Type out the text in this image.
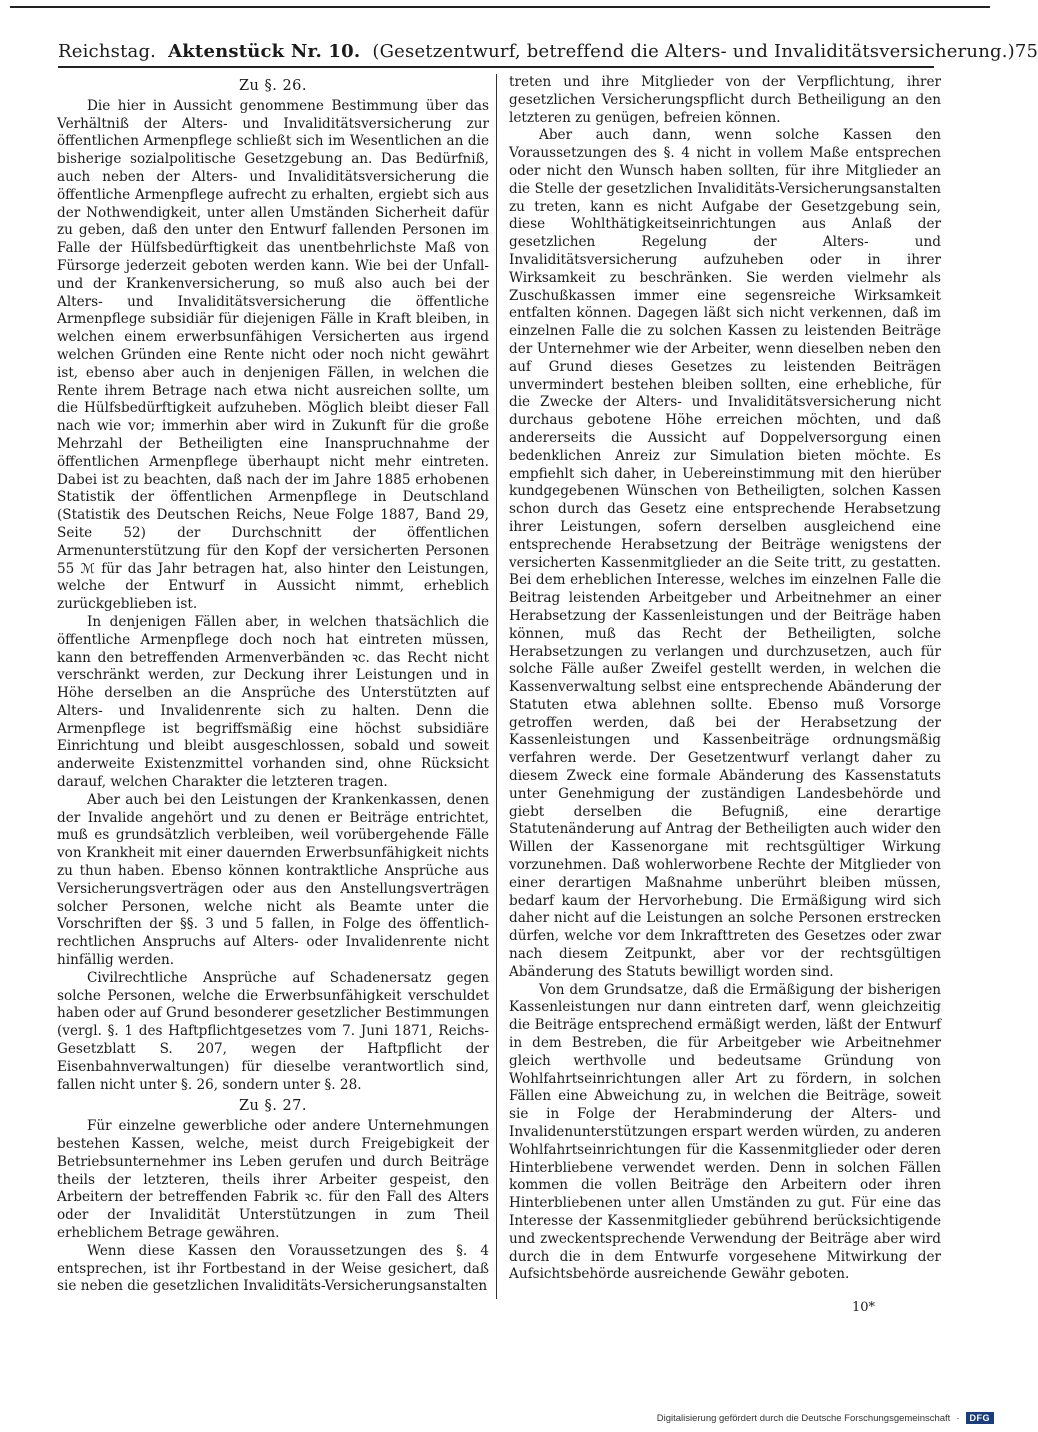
Reichstag. Aktenstück Nr. 10. (Gesetzentwurf, betreffend die Alters- und Invaliditätsversicherung.) 75
Zu §. 26.

Die hier in Aussicht genommene Bestimmung über das Verhältniß der Alters- und Invaliditätsversicherung zur öffentlichen Armenpflege schließt sich im Wesentlichen an die bisherige sozialpolitische Gesetzgebung an. Das Bedürfniß, auch neben der Alters- und Invaliditätsversicherung die öffentliche Armenpflege aufrecht zu erhalten, ergiebt sich aus der Nothwendigkeit, unter allen Umständen Sicherheit dafür zu geben, daß den unter den Entwurf fallenden Personen im Falle der Hülfsbedürftigkeit das unentbehrlichste Maß von Fürsorge jederzeit geboten werden kann. Wie bei der Unfall- und der Krankenversicherung, so muß also auch bei der Alters- und Invaliditätsversicherung die öffentliche Armenpflege subsidiär für diejenigen Fälle in Kraft bleiben, in welchen einem erwerbsunfähigen Versicherten aus irgend welchen Gründen eine Rente nicht oder noch nicht gewährt ist, ebenso aber auch in denjenigen Fällen, in welchen die Rente ihrem Betrage nach etwa nicht ausreichen sollte, um die Hülfsbedürftigkeit aufzuheben. Möglich bleibt dieser Fall nach wie vor; immerhin aber wird in Zukunft für die große Mehrzahl der Betheiligten eine Inanspruchnahme der öffentlichen Armenpflege überhaupt nicht mehr eintreten. Dabei ist zu beachten, daß nach der im Jahre 1885 erhobenen Statistik der öffentlichen Armenpflege in Deutschland (Statistik des Deutschen Reichs, Neue Folge 1887, Band 29, Seite 52) der Durchschnitt der öffentlichen Armenunterstützung für den Kopf der versicherten Personen 55 ℳ für das Jahr betragen hat, also hinter den Leistungen, welche der Entwurf in Aussicht nimmt, erheblich zurückgeblieben ist.

In denjenigen Fällen aber, in welchen thatsächlich die öffentliche Armenpflege doch noch hat eintreten müssen, kann den betreffenden Armenverbänden ꝛc. das Recht nicht verschränkt werden, zur Deckung ihrer Leistungen und in Höhe derselben an die Ansprüche des Unterstützten auf Alters- und Invalidenrente sich zu halten. Denn die Armenpflege ist begriffsmäßig eine höchst subsidiäre Einrichtung und bleibt ausgeschlossen, sobald und soweit anderweite Existenzmittel vorhanden sind, ohne Rücksicht darauf, welchen Charakter die letzteren tragen.

Aber auch bei den Leistungen der Krankenkassen, denen der Invalide angehört und zu denen er Beiträge entrichtet, muß es grundsätzlich verbleiben, weil vorübergehende Fälle von Krankheit mit einer dauernden Erwerbsunfähigkeit nichts zu thun haben. Ebenso können kontraktliche Ansprüche aus Versicherungsverträgen oder aus den Anstellungsverträgen solcher Personen, welche nicht als Beamte unter die Vorschriften der §§. 3 und 5 fallen, in Folge des öffentlich-rechtlichen Anspruchs auf Alters- oder Invalidenrente nicht hinfällig werden.

Civilrechtliche Ansprüche auf Schadenersatz gegen solche Personen, welche die Erwerbsunfähigkeit verschuldet haben oder auf Grund besonderer gesetzlicher Bestimmungen (vergl. §. 1 des Haftpflichtgesetzes vom 7. Juni 1871, Reichs-Gesetzblatt S. 207, wegen der Haftpflicht der Eisenbahnverwaltungen) für dieselbe verantwortlich sind, fallen nicht unter §. 26, sondern unter §. 28.

Zu §. 27.

Für einzelne gewerbliche oder andere Unternehmungen bestehen Kassen, welche, meist durch Freigebigkeit der Betriebsunternehmer ins Leben gerufen und durch Beiträge theils der letzteren, theils ihrer Arbeiter gespeist, den Arbeitern der betreffenden Fabrik ꝛc. für den Fall des Alters oder der Invalidität Unterstützungen in zum Theil erheblichem Betrage gewähren.

Wenn diese Kassen den Voraussetzungen des §. 4 entsprechen, ist ihr Fortbestand in der Weise gesichert, daß sie neben die gesetzlichen Invaliditäts-Versicherungsanstalten

treten und ihre Mitglieder von der Verpflichtung, ihrer gesetzlichen Versicherungspflicht durch Betheiligung an den letzteren zu genügen, befreien können.

Aber auch dann, wenn solche Kassen den Voraussetzungen des §. 4 nicht in vollem Maße entsprechen oder nicht den Wunsch haben sollten, für ihre Mitglieder an die Stelle der gesetzlichen Invaliditäts-Versicherungsanstalten zu treten, kann es nicht Aufgabe der Gesetzgebung sein, diese Wohlthätigkeitseinrichtungen aus Anlaß der gesetzlichen Regelung der Alters- und Invaliditätsversicherung aufzuheben oder in ihrer Wirksamkeit zu beschränken. Sie werden vielmehr als Zuschußkassen immer eine segensreiche Wirksamkeit entfalten können. Dagegen läßt sich nicht verkennen, daß im einzelnen Falle die zu solchen Kassen zu leistenden Beiträge der Unternehmer wie der Arbeiter, wenn dieselben neben den auf Grund dieses Gesetzes zu leistenden Beiträgen unvermindert bestehen bleiben sollten, eine erhebliche, für die Zwecke der Alters- und Invaliditätsversicherung nicht durchaus gebotene Höhe erreichen möchten, und daß andererseits die Aussicht auf Doppelversorgung einen bedenklichen Anreiz zur Simulation bieten möchte. Es empfiehlt sich daher, in Uebereinstimmung mit den hierüber kundgegebenen Wünschen von Betheiligten, solchen Kassen schon durch das Gesetz eine entsprechende Herabsetzung ihrer Leistungen, sofern derselben ausgleichend eine entsprechende Herabsetzung der Beiträge wenigstens der versicherten Kassenmitglieder an die Seite tritt, zu gestatten. Bei dem erheblichen Interesse, welches im einzelnen Falle die Beitrag leistenden Arbeitgeber und Arbeitnehmer an einer Herabsetzung der Kassenleistungen und der Beiträge haben können, muß das Recht der Betheiligten, solche Herabsetzungen zu verlangen und durchzusetzen, auch für solche Fälle außer Zweifel gestellt werden, in welchen die Kassenverwaltung selbst eine entsprechende Abänderung der Statuten etwa ablehnen sollte. Ebenso muß Vorsorge getroffen werden, daß bei der Herabsetzung der Kassenleistungen und Kassenbeiträge ordnungsmäßig verfahren werde. Der Gesetzentwurf verlangt daher zu diesem Zweck eine formale Abänderung des Kassenstatuts unter Genehmigung der zuständigen Landesbehörde und giebt derselben die Befugniß, eine derartige Statutenänderung auf Antrag der Betheiligten auch wider den Willen der Kassenorgane mit rechtsgültiger Wirkung vorzunehmen. Daß wohlerworbene Rechte der Mitglieder von einer derartigen Maßnahme unberührt bleiben müssen, bedarf kaum der Hervorhebung. Die Ermäßigung wird sich daher nicht auf die Leistungen an solche Personen erstrecken dürfen, welche vor dem Inkrafttreten des Gesetzes oder zwar nach diesem Zeitpunkt, aber vor der rechtsgültigen Abänderung des Statuts bewilligt worden sind.

Von dem Grundsatze, daß die Ermäßigung der bisherigen Kassenleistungen nur dann eintreten darf, wenn gleichzeitig die Beiträge entsprechend ermäßigt werden, läßt der Entwurf in dem Bestreben, die für Arbeitgeber wie Arbeitnehmer gleich werthvolle und bedeutsame Gründung von Wohlfahrtseinrichtungen aller Art zu fördern, in solchen Fällen eine Abweichung zu, in welchen die Beiträge, soweit sie in Folge der Herabminderung der Alters- und Invalidenunterstützungen erspart werden würden, zu anderen Wohlfahrtseinrichtungen für die Kassenmitglieder oder deren Hinterbliebene verwendet werden. Denn in solchen Fällen kommen die vollen Beiträge den Arbeitern oder ihren Hinterbliebenen unter allen Umständen zu gut. Für eine das Interesse der Kassenmitglieder gebührend berücksichtigende und zweckentsprechende Verwendung der Beiträge aber wird durch die in dem Entwurfe vorgesehene Mitwirkung der Aufsichtsbehörde ausreichende Gewähr geboten.

10*
Digitalisierung gefördert durch die Deutsche Forschungsgemeinschaft ·	DFG
